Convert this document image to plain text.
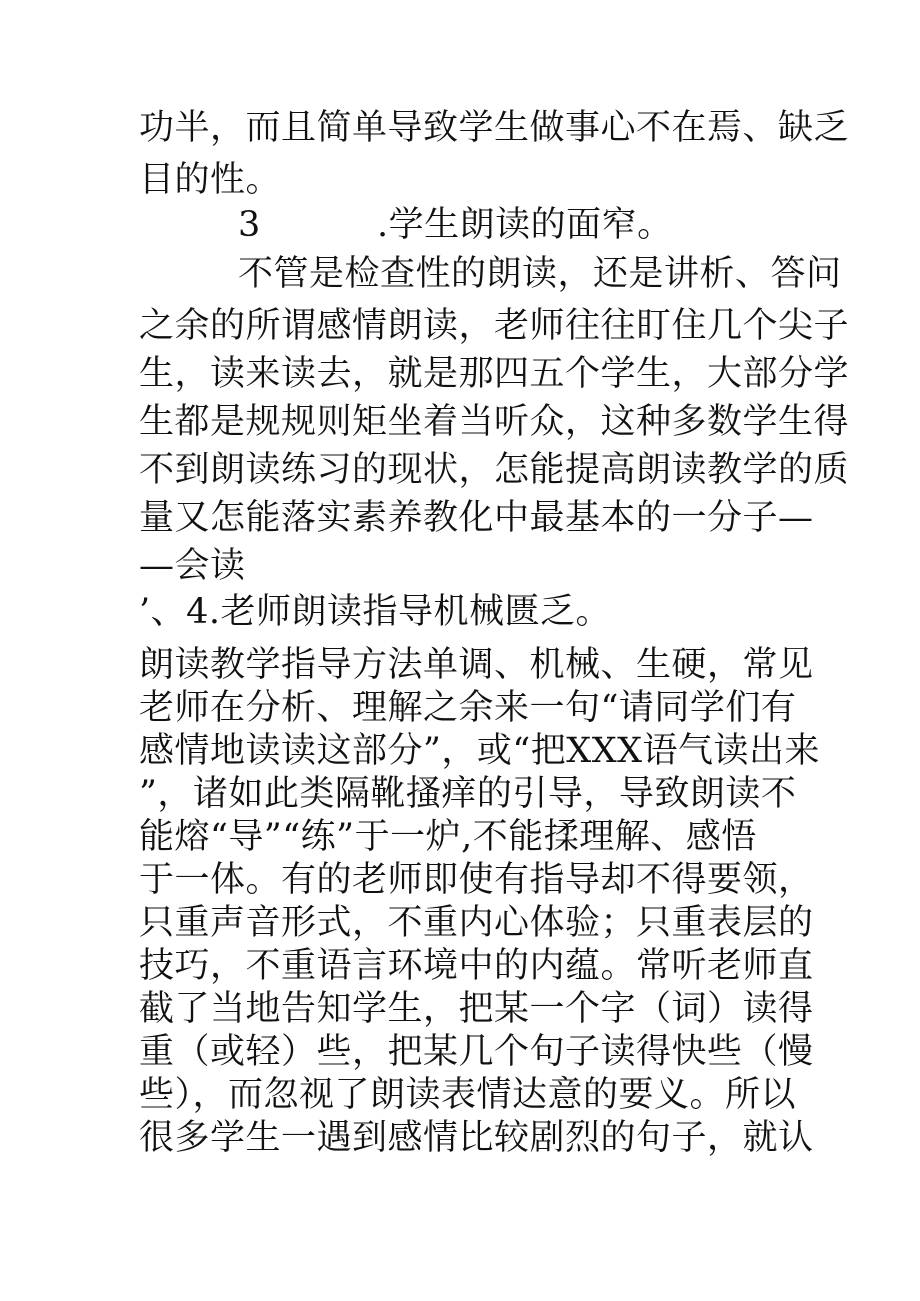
功半，而且简单导致学生做事心不在焉、缺乏
目的性。
3          .学生朗读的面窄。
不管是检查性的朗读，还是讲析、答问
之余的所谓感情朗读，老师往往盯住几个尖子
生，读来读去，就是那四五个学生，大部分学
生都是规规则矩坐着当听众，这种多数学生得
不到朗读练习的现状，怎能提高朗读教学的质
量又怎能落实素养教化中最基本的一分子—
—会读
’、4.老师朗读指导机械匮乏。
朗读教学指导方法单调、机械、生硬，常见
老师在分析、理解之余来一句“请同学们有
感情地读读这部分”，或“把XXX语气读出来
”，诸如此类隔靴搔痒的引导，导致朗读不
能熔“导”“练”于一炉,不能揉理解、感悟
于一体。有的老师即使有指导却不得要领，
只重声音形式，不重内心体验；只重表层的
技巧，不重语言环境中的内蕴。常听老师直
截了当地告知学生，把某一个字（词）读得
重（或轻）些，把某几个句子读得快些（慢
些），而忽视了朗读表情达意的要义。所以
很多学生一遇到感情比较剧烈的句子，就认
